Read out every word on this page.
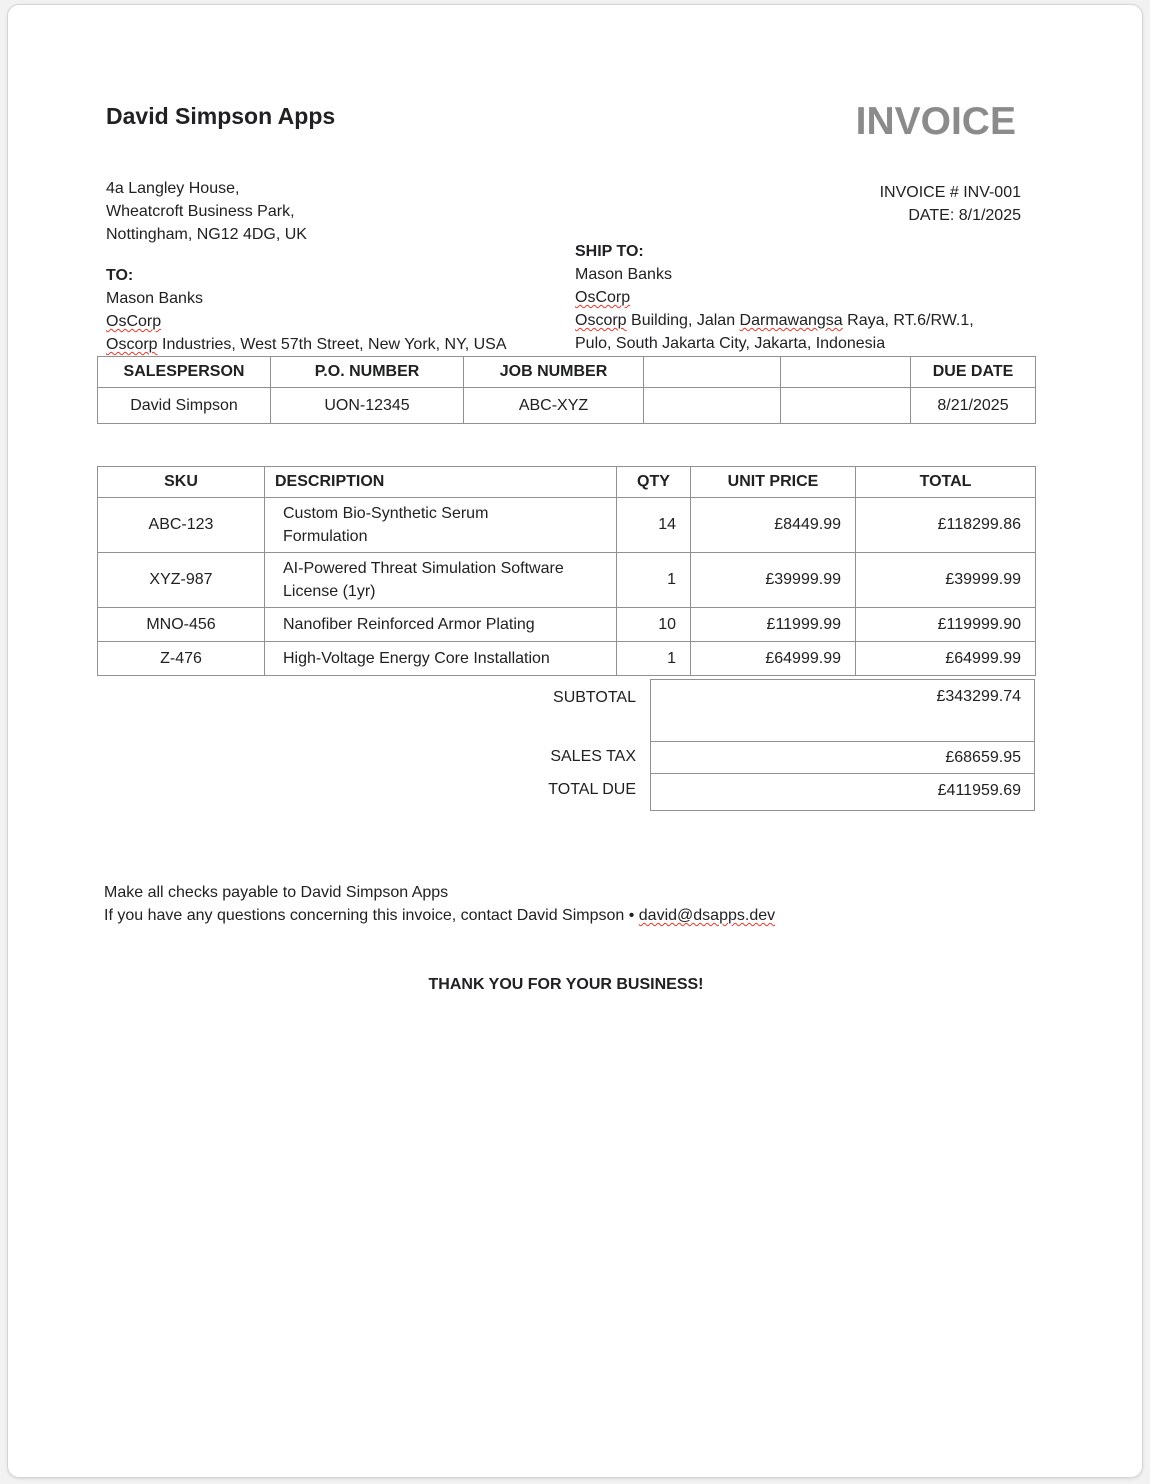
David Simpson Apps	INVOICE
4a Langley House,
Wheatcroft Business Park,
Nottingham, NG12 4DG, UK
INVOICE # INV-001
DATE: 8/1/2025
TO:
Mason Banks
OsCorp
Oscorp Industries, West 57th Street, New York, NY, USA
SHIP TO:
Mason Banks
OsCorp
Oscorp Building, Jalan Darmawangsa Raya, RT.6/RW.1,
Pulo, South Jakarta City, Jakarta, Indonesia
SALESPERSON	P.O. NUMBER	JOB NUMBER			DUE DATE
David Simpson	UON-12345	ABC-XYZ			8/21/2025
SKU	DESCRIPTION	QTY	UNIT PRICE	TOTAL
ABC-123	Custom Bio-Synthetic Serum Formulation	14	£8449.99	£118299.86
XYZ-987	AI-Powered Threat Simulation Software License (1yr)	1	£39999.99	£39999.99
MNO-456	Nanofiber Reinforced Armor Plating	10	£11999.99	£119999.90
Z-476	High-Voltage Energy Core Installation	1	£64999.99	£64999.99
SUBTOTAL	£343299.74
SALES TAX	£68659.95
TOTAL DUE	£411959.69
Make all checks payable to David Simpson Apps
If you have any questions concerning this invoice, contact David Simpson • david@dsapps.dev
THANK YOU FOR YOUR BUSINESS!
